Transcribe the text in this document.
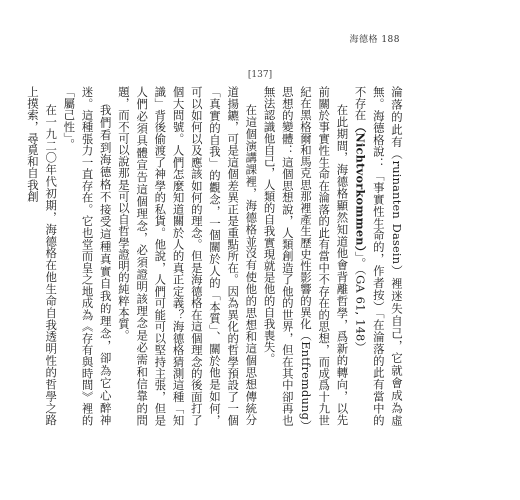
海德格 188
[137]

淪落的此有（ruinanten Dasein）裡迷失自己，它就會成為虛無。海德格說：「事實性生命的，作者按）「在淪落的此有當中的不存在（Nichtvorkommen）」。（GA 61, 148）

在此期間，海德格顯然知道他會背離哲學，爲新的轉向，以先前關於事實性生命在淪落的此有當中不存在的思想，而成爲十九世紀在黑格爾和馬克思那裡產生歷史性影響的異化（Entfremdung）思想的變體：這個思想說，人類創造了他的世界，但在其中卻再也無法認識他自己，人類的自我實現就是他的自我喪失。

在這個演講課裡，海德格並沒有使他的思想和這個思想傳統分道揚鑣，可是這個差異正是重點所在。因為異化的哲學預設了一個「真實的自我」的觀念，一個關於人的「本質」、關於他是如何，可以如何以及應該如何的理念。但是海德格在這個理念的後面打了個大問號。人們怎麼知道關於人的真正定義？海德格猜測這種「知識」背後偷渡了神學的私貨。他說，人們可能可以堅持主張，但是人們必須具體宣告這個理念，必須證明該理念是必需和信靠的問題，而不可以說那是可以自哲學證明的純粹本質。

我們看到海德格不接受這種真實自我的理念，卻為它心醉神迷。這種張力一直存在。它也堂而皇之地成為《存有與時間》裡的「屬己性」。

在一九二〇年代初期，海德格在他生命自我透明性的哲學之路上摸索，尋覓和自我創
